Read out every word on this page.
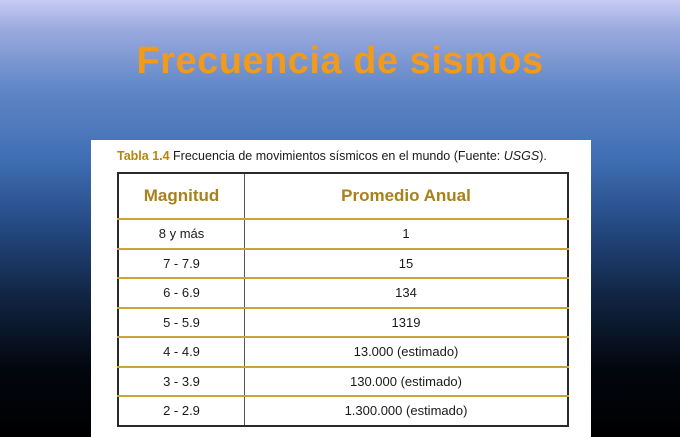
Frecuencia de sismos
Tabla 1.4 Frecuencia de movimientos sísmicos en el mundo (Fuente: USGS).
Magnitud	Promedio Anual
8 y más	1
7 - 7.9	15
6 - 6.9	134
5 - 5.9	1319
4 - 4.9	13.000 (estimado)
3 - 3.9	130.000 (estimado)
2 - 2.9	1.300.000 (estimado)
